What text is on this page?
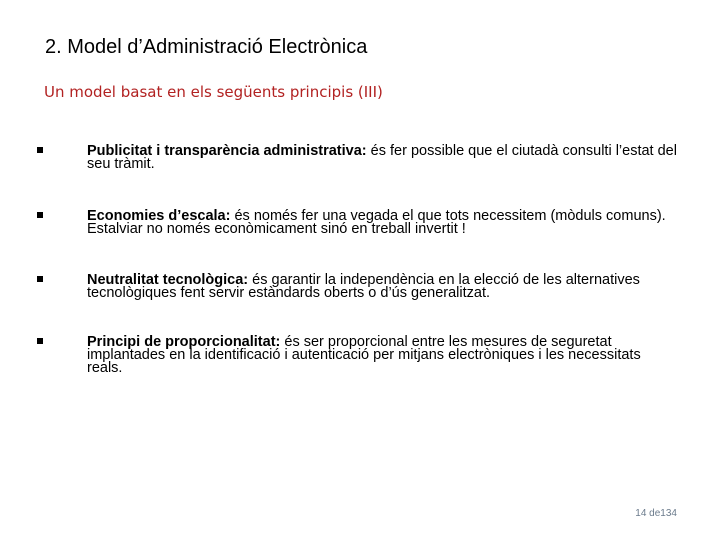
2. Model d’Administració Electrònica
Un model basat en els següents principis (III)
Publicitat i transparència administrativa: és fer possible que el ciutadà consulti l’estat del seu tràmit.
Economies d’escala: és només fer una vegada el que tots necessitem (mòduls comuns). Estalviar no només econòmicament sinó en treball invertit !
Neutralitat tecnològica: és garantir la independència en la elecció de les alternatives tecnològiques fent servir estàndards oberts o d’ús generalitzat.
Principi de proporcionalitat: és ser proporcional entre les mesures de seguretat implantades en la identificació i autenticació per mitjans electròniques i les necessitats reals.
14 de134
